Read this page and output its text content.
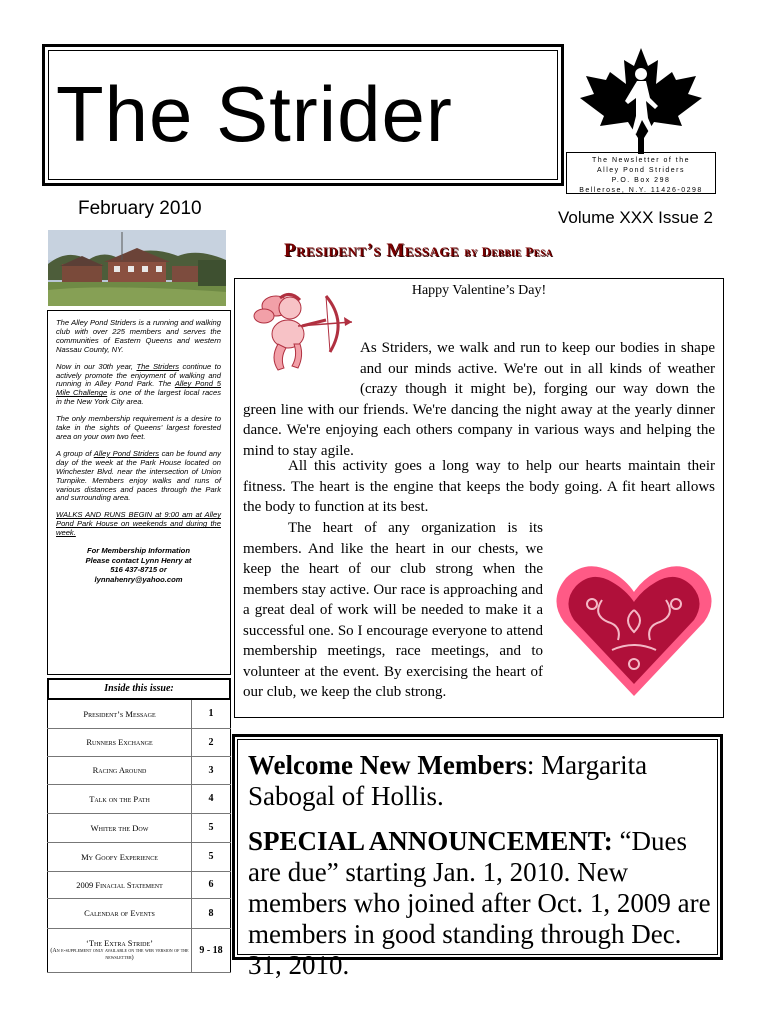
The Strider
The Newsletter of the
Alley Pond Striders
P.O. Box 298
Bellerose, N.Y. 11426-0298
February 2010	Volume XXX Issue 2

The Alley Pond Striders is a running and walking club with over 225 members and serves the communities of Eastern Queens and western Nassau County, NY.

Now in our 30th year, The Striders continue to actively promote the enjoyment of walking and running in Alley Pond Park. The Alley Pond 5 Mile Challenge is one of the largest local races in the New York City area.

The only membership requirement is a desire to take in the sights of Queens' largest forested area on your own two feet.

A group of Alley Pond Striders can be found any day of the week at the Park House located on Winchester Blvd. near the intersection of Union Turnpike. Members enjoy walks and runs of various distances and paces through the Park and surrounding area.

WALKS AND RUNS BEGIN at 9:00 am at Alley Pond Park House on weekends and during the week.

For Membership Information
Please contact Lynn Henry at
516 437-8715 or
lynnahenry@yahoo.com
Inside this issue:
President’s Message	1
Runners Exchange	2
Racing Around	3
Talk on the Path	4
Whiter the Dow	5
My Goofy Experience	5
2009 Finacial Statement	6
Calendar of Events	8
‘The Extra Stride’
(An e-supplement only available on the web version of the newsletter)	9 - 18
President’s Message by Debbie Pesa
Happy Valentine’s Day!
As Striders, we walk and run to keep our bodies in shape and our minds active. We're out in all kinds of weather (crazy though it might be), forging our way down the green line with our friends. We're dancing the night away at the yearly dinner dance. We're enjoying each others company in various ways and helping the mind to stay agile.
All this activity goes a long way to help our hearts maintain their fitness. The heart is the engine that keeps the body going. A fit heart allows the body to function at its best.
The heart of any organization is its members. And like the heart in our chests, we keep the heart of our club strong when the members stay active. Our race is approaching and a great deal of work will be needed to make it a successful one. So I encourage everyone to attend membership meetings, race meetings, and to volunteer at the event. By exercising the heart of our club, we keep the club strong.

Welcome New Members: Margarita Sabogal of Hollis.

SPECIAL ANNOUNCEMENT: “Dues are due” starting Jan. 1, 2010. New members who joined after Oct. 1, 2009 are members in good standing through Dec. 31, 2010.
